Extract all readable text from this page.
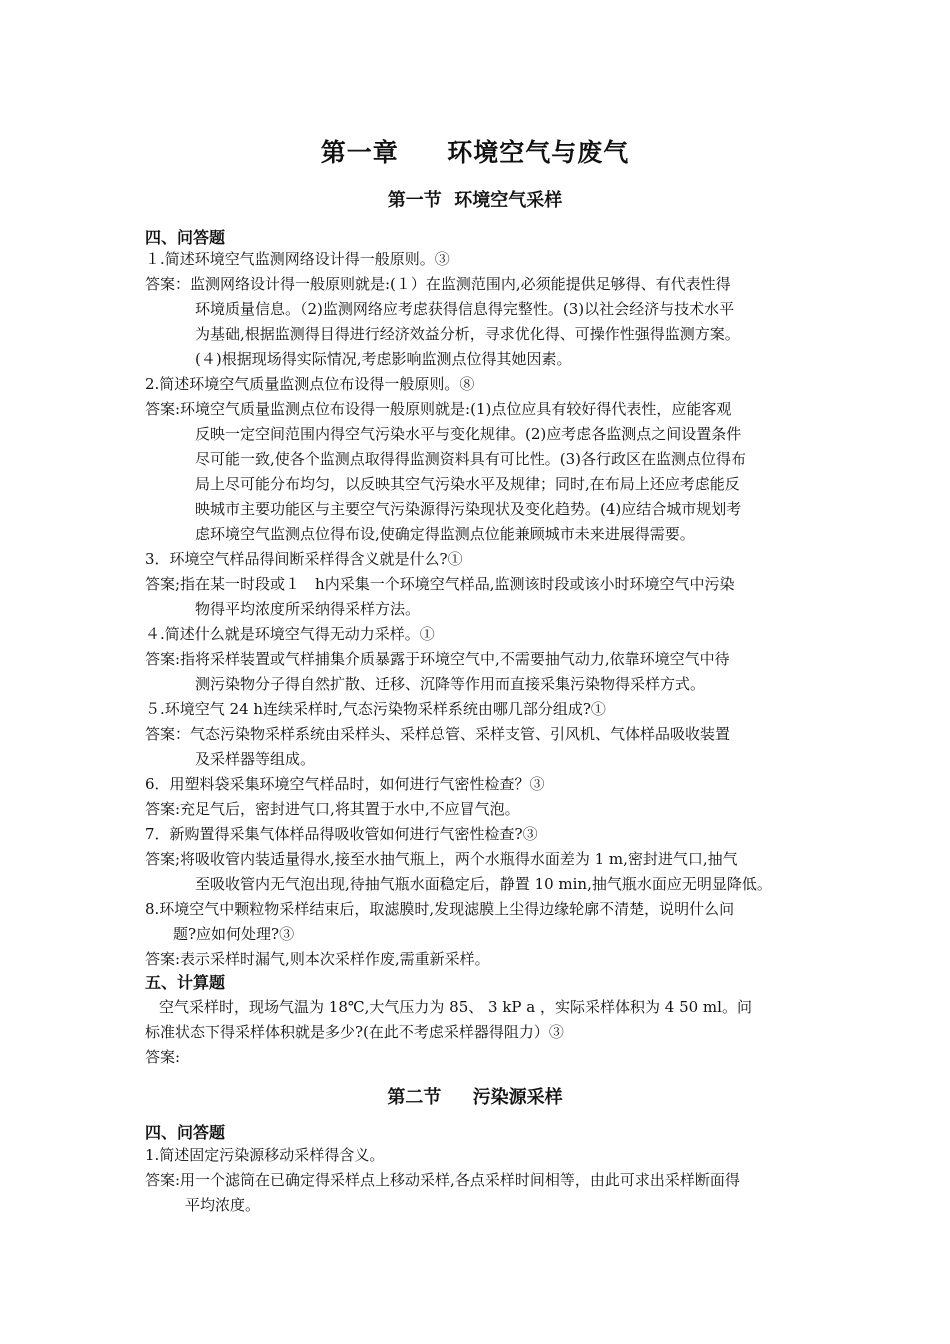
第一章     环境空气与废气
第一节  环境空气采样
四、问答题
１.简述环境空气监测网络设计得一般原则。③
答案：监测网络设计得一般原则就是:(１）在监测范围内,必须能提供足够得、有代表性得
环境质量信息。（2)监测网络应考虑获得信息得完整性。(3)以社会经济与技术水平
为基础,根据监测得目得进行经济效益分析，寻求优化得、可操作性强得监测方案。
(４)根据现场得实际情况,考虑影响监测点位得其她因素。
2.简述环境空气质量监测点位布设得一般原则。⑧
答案:环境空气质量监测点位布设得一般原则就是:(1)点位应具有较好得代表性，应能客观
反映一定空间范围内得空气污染水平与变化规律。(2)应考虑各监测点之间设置条件
尽可能一致,使各个监测点取得得监测资料具有可比性。(3)各行政区在监测点位得布
局上尽可能分布均匀，以反映其空气污染水平及规律；同时,在布局上还应考虑能反
映城市主要功能区与主要空气污染源得污染现状及变化趋势。(4)应结合城市规划考
虑环境空气监测点位得布设,使确定得监测点位能兼顾城市未来进展得需要。
3．环境空气样品得间断采样得含义就是什么?①
答案;指在某一时段或１　h内采集一个环境空气样品,监测该时段或该小时环境空气中污染
物得平均浓度所采纳得采样方法。
４.简述什么就是环境空气得无动力采样。①
答案:指将采样装置或气样捕集介质暴露于环境空气中,不需要抽气动力,依靠环境空气中待
测污染物分子得自然扩散、迁移、沉降等作用而直接采集污染物得采样方式。
５.环境空气 24 h连续采样时,气态污染物采样系统由哪几部分组成?①
答案：气态污染物采样系统由采样头、采样总管、采样支管、引风机、气体样品吸收装置
及采样器等组成。
6．用塑料袋采集环境空气样品时，如何进行气密性检查？③
答案:充足气后，密封进气口,将其置于水中,不应冒气泡。
7．新购置得采集气体样品得吸收管如何进行气密性检查?③
答案;将吸收管内装适量得水,接至水抽气瓶上，两个水瓶得水面差为 1 m,密封进气口,抽气
至吸收管内无气泡出现,待抽气瓶水面稳定后，静置 10 min,抽气瓶水面应无明显降低。
8.环境空气中颗粒物采样结束后，取滤膜时,发现滤膜上尘得边缘轮廓不清楚，说明什么问
题?应如何处理?③
答案:表示采样时漏气,则本次采样作废,需重新采样。
五、计算题
空气采样时，现场气温为 18℃,大气压力为 85、 3 kP a ，实际采样体积为 4 50 ml。问
标准状态下得采样体积就是多少?(在此不考虑采样器得阻力）③
答案:
第二节     污染源采样
四、问答题
1.简述固定污染源移动采样得含义。
答案:用一个滤筒在已确定得采样点上移动采样,各点采样时间相等，由此可求出采样断面得
平均浓度。
